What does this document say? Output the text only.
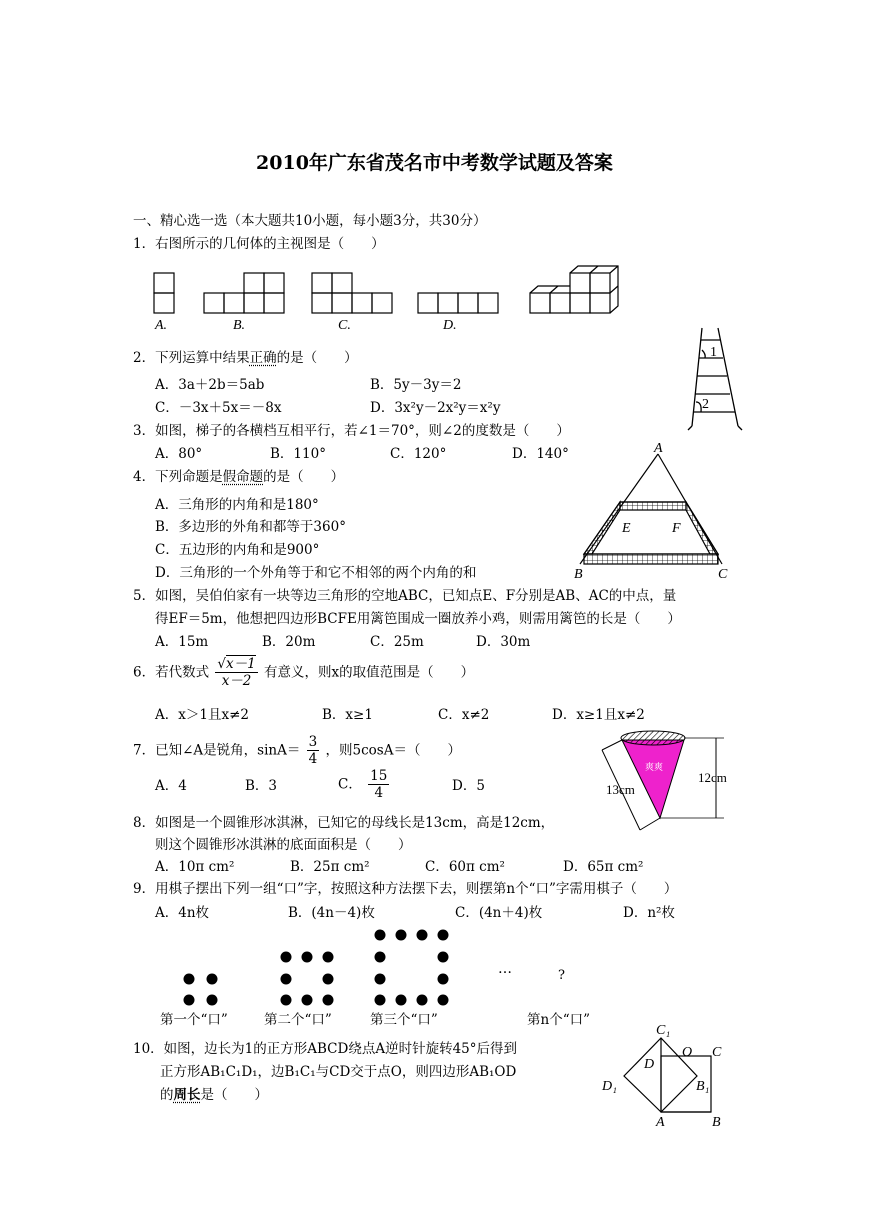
2010年广东省茂名市中考数学试题及答案
一、精心选一选（本大题共10小题，每小题3分，共30分）
1．右图所示的几何体的主视图是（　　）
A.	B.	C.	D.
1
2
2．下列运算中结果正确的是（　　）
A．3a＋2b＝5ab	B．5y－3y＝2
C．－3x＋5x＝－8x	D．3x²y－2x²y＝x²y
3．如图，梯子的各横档互相平行，若∠1＝70°，则∠2的度数是（　　）
A．80°	B．110°	C．120°	D．140°
4．下列命题是假命题的是（　　）
A．三角形的内角和是180°
B．多边形的外角和都等于360°
C．五边形的内角和是900°
D．三角形的一个外角等于和它不相邻的两个内角的和
A
E	F
B	C
5．如图，吴伯伯家有一块等边三角形的空地ABC，已知点E、F分别是AB、AC的中点，量
得EF＝5m，他想把四边形BCFE用篱笆围成一圈放养小鸡，则需用篱笆的长是（　　）
A．15m	B．20m	C．25m	D．30m
6．若代数式 $\frac{√x-1}{x-2}$ 有意义，则x的取值范围是（　　）
A．x＞1且x≠2	B．x≥1	C．x≠2	D．x≥1且x≠2
7．已知∠A是锐角，$\sin A= \frac{3}{4}$ ，则5cosA＝（　　）
A．4	B．3	C． $\frac{15}{4}$	D．5
爽爽
13cm
12cm
8．如图是一个圆锥形冰淇淋，已知它的母线长是13cm，高是12cm，
则这个圆锥形冰淇淋的底面面积是（　　）
A．10π cm²	B．25π cm²	C．60π cm²	D．65π cm²
9．用棋子摆出下列一组“口”字，按照这种方法摆下去，则摆第n个“口”字需用棋子（　　）
A．4n枚	B．(4n－4)枚	C．(4n＋4)枚	D．n²枚
…	?
第一个“口”	第二个“口”	第三个“口”	第n个“口”
10．如图，边长为1的正方形ABCD绕点A逆时针旋转45°后得到
正方形AB₁C₁D₁，边B₁C₁与CD交于点O，则四边形AB₁OD
的周长是（　　）
C₁
D
O C
D₁	B₁
A	B
